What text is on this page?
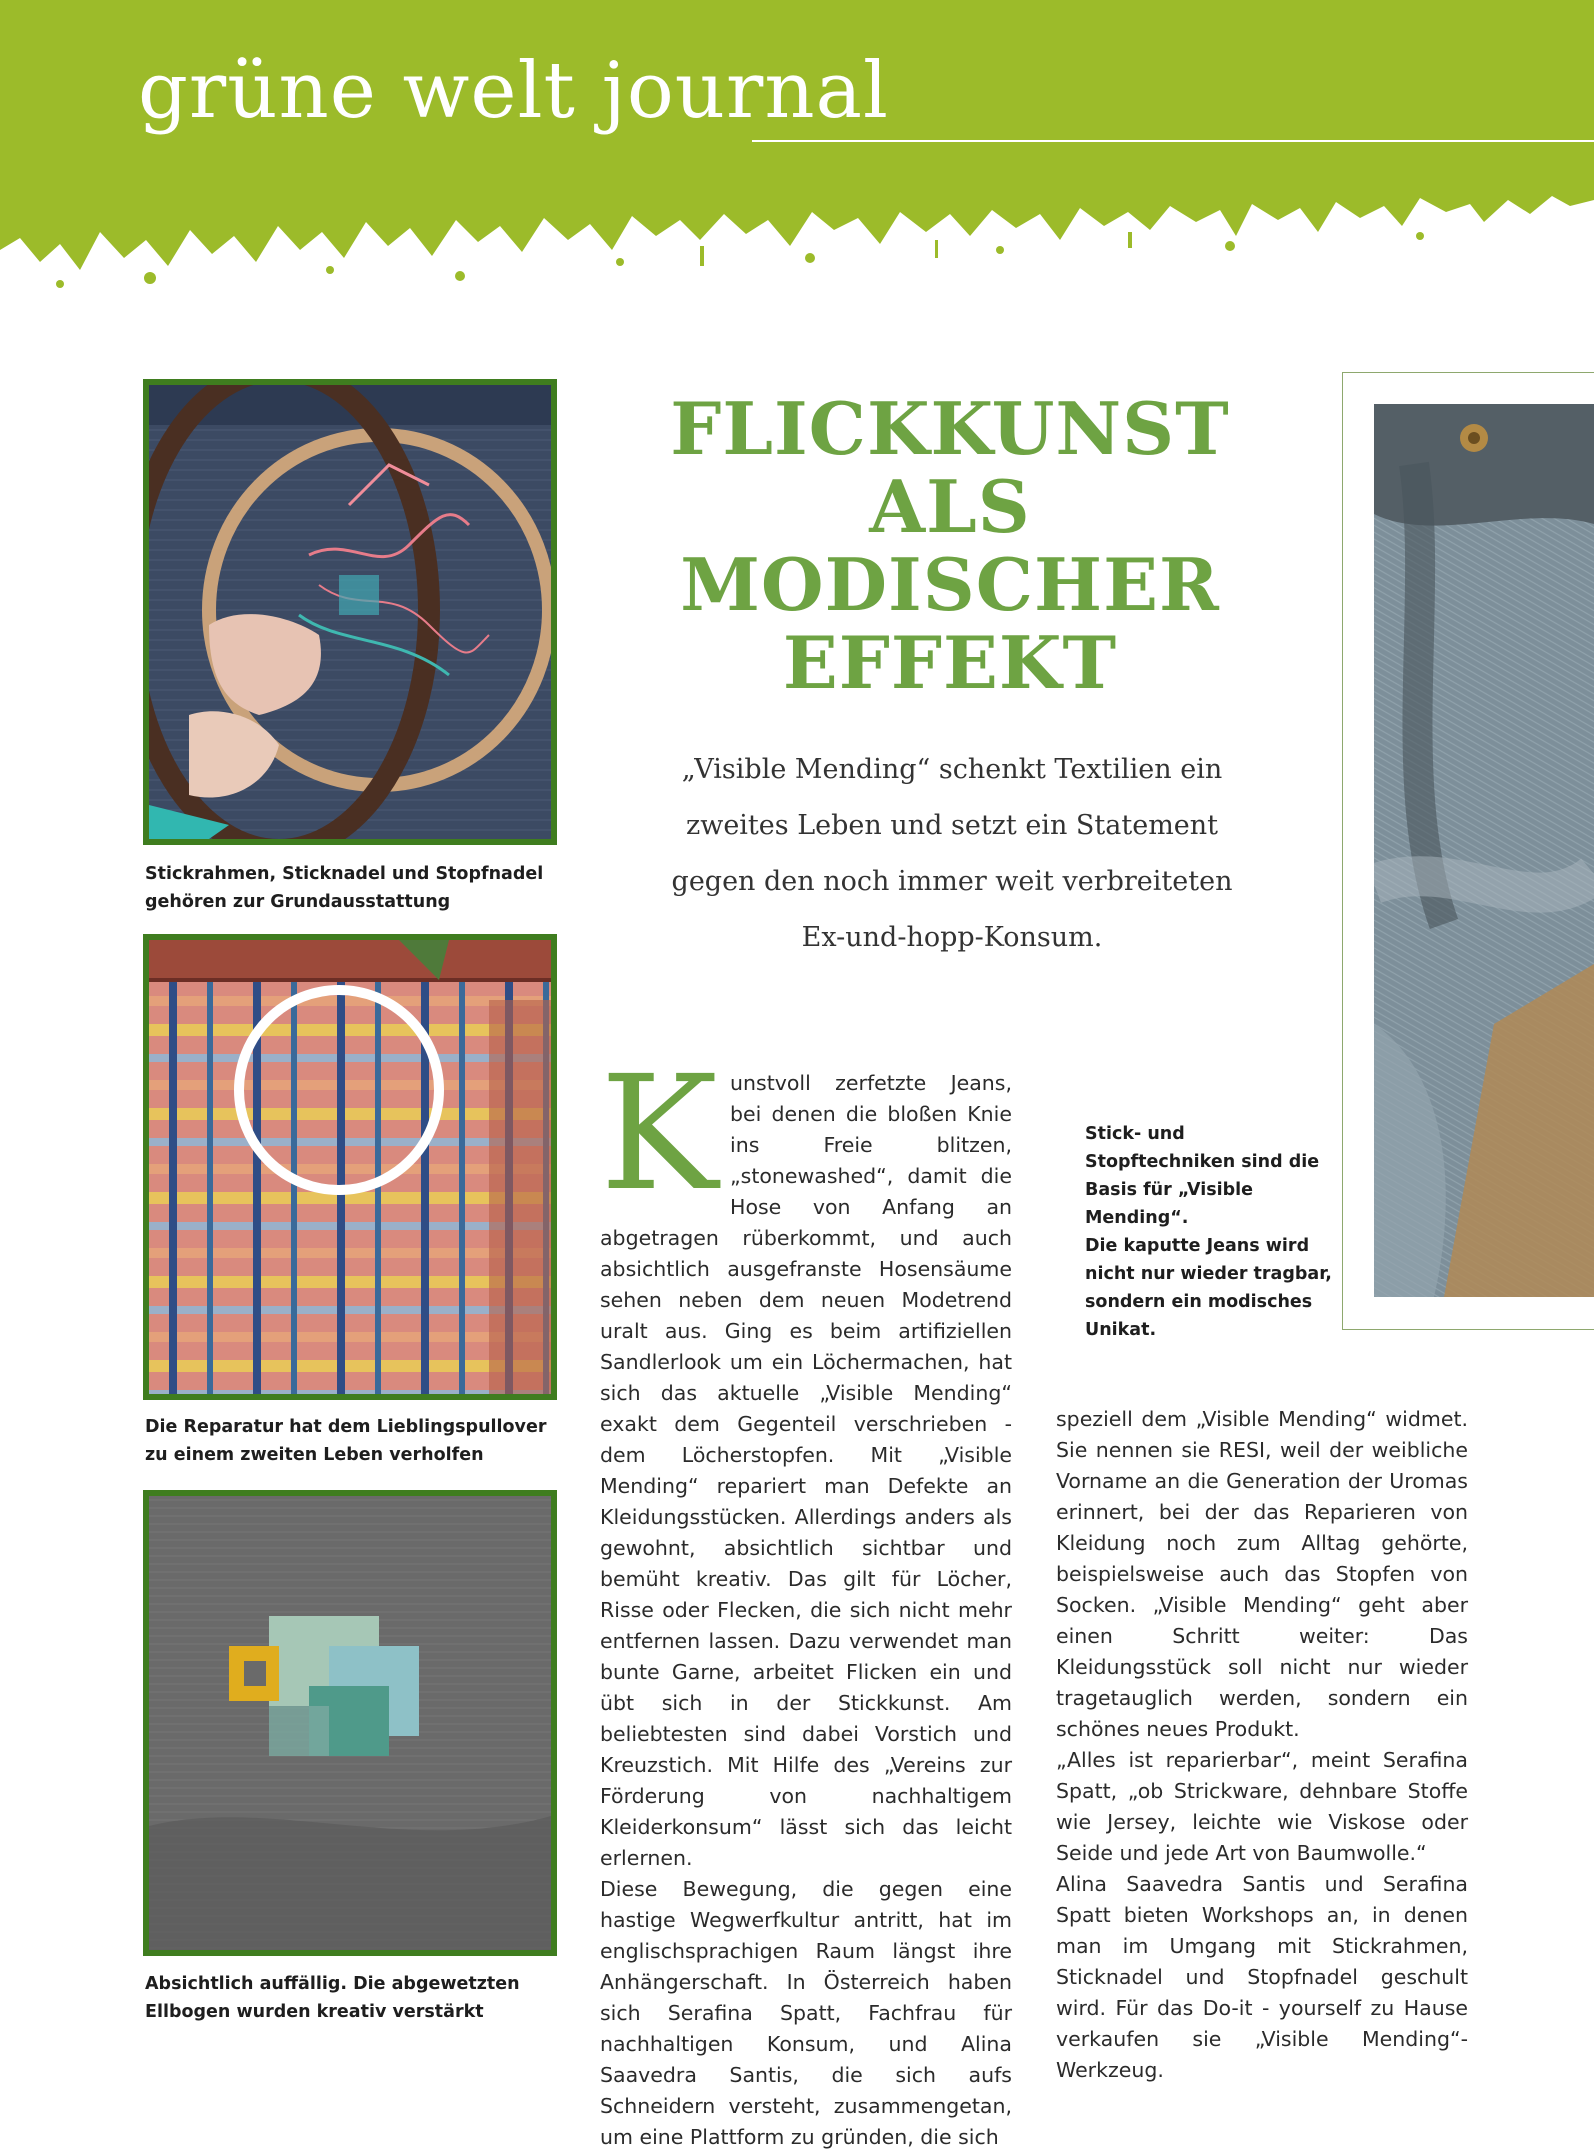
grüne welt journal
Stickrahmen, Sticknadel und Stopfnadel gehören zur Grundausstattung
Die Reparatur hat dem Lieblingspullover zu einem zweiten Leben verholfen
Absichtlich auffällig. Die abgewetzten Ellbogen wurden kreativ verstärkt
FLICKKUNST
ALS
MODISCHER
EFFEKT
„Visible Mending“ schenkt Textilien ein
zweites Leben und setzt ein Statement
gegen den noch immer weit verbreiteten
Ex-und-hopp-Konsum.
K unstvoll zerfetzte Jeans, bei denen die bloßen Knie ins Freie blitzen, „stonewashed“, damit die Hose von Anfang an abgetragen rüberkommt, und auch absichtlich ausgefranste Hosensäume sehen neben dem neuen Modetrend uralt aus. Ging es beim artifiziellen Sandlerlook um ein Löchermachen, hat sich das aktuelle „Visible Mending“ exakt dem Gegenteil verschrieben - dem Löcherstopfen. Mit „Visible Mending“ repariert man Defekte an Kleidungsstücken. Allerdings anders als gewohnt, absichtlich sichtbar und bemüht kreativ. Das gilt für Löcher, Risse oder Flecken, die sich nicht mehr entfernen lassen. Dazu verwendet man bunte Garne, arbeitet Flicken ein und übt sich in der Stickkunst. Am beliebtesten sind dabei Vorstich und Kreuzstich. Mit Hilfe des „Vereins zur Förderung von nachhaltigem Kleiderkonsum“ lässt sich das leicht erlernen.

Diese Bewegung, die gegen eine hastige Wegwerfkultur antritt, hat im englischsprachigen Raum längst ihre Anhängerschaft. In Österreich haben sich Serafina Spatt, Fachfrau für nachhaltigen Konsum, und Alina Saavedra Santis, die sich aufs Schneidern versteht, zusammengetan, um eine Plattform zu gründen, die sich

speziell dem „Visible Mending“ widmet. Sie nennen sie RESI, weil der weibliche Vorname an die Generation der Uromas erinnert, bei der das Reparieren von Kleidung noch zum Alltag gehörte, beispielsweise auch das Stopfen von Socken. „Visible Mending“ geht aber einen Schritt weiter: Das Kleidungsstück soll nicht nur wieder tragetauglich werden, sondern ein schönes neues Produkt.

„Alles ist reparierbar“, meint Serafina Spatt, „ob Strickware, dehnbare Stoffe wie Jersey, leichte wie Viskose oder Seide und jede Art von Baumwolle.“

Alina Saavedra Santis und Serafina Spatt bieten Workshops an, in denen man im Umgang mit Stickrahmen, Sticknadel und Stopfnadel geschult wird. Für das Do-it - yourself zu Hause verkaufen sie „Visible Mending“-Werkzeug.

Stick- und Stopftechniken sind die Basis für „Visible Mending“.

Die kaputte Jeans wird nicht nur wieder tragbar, sondern ein modisches Unikat.
